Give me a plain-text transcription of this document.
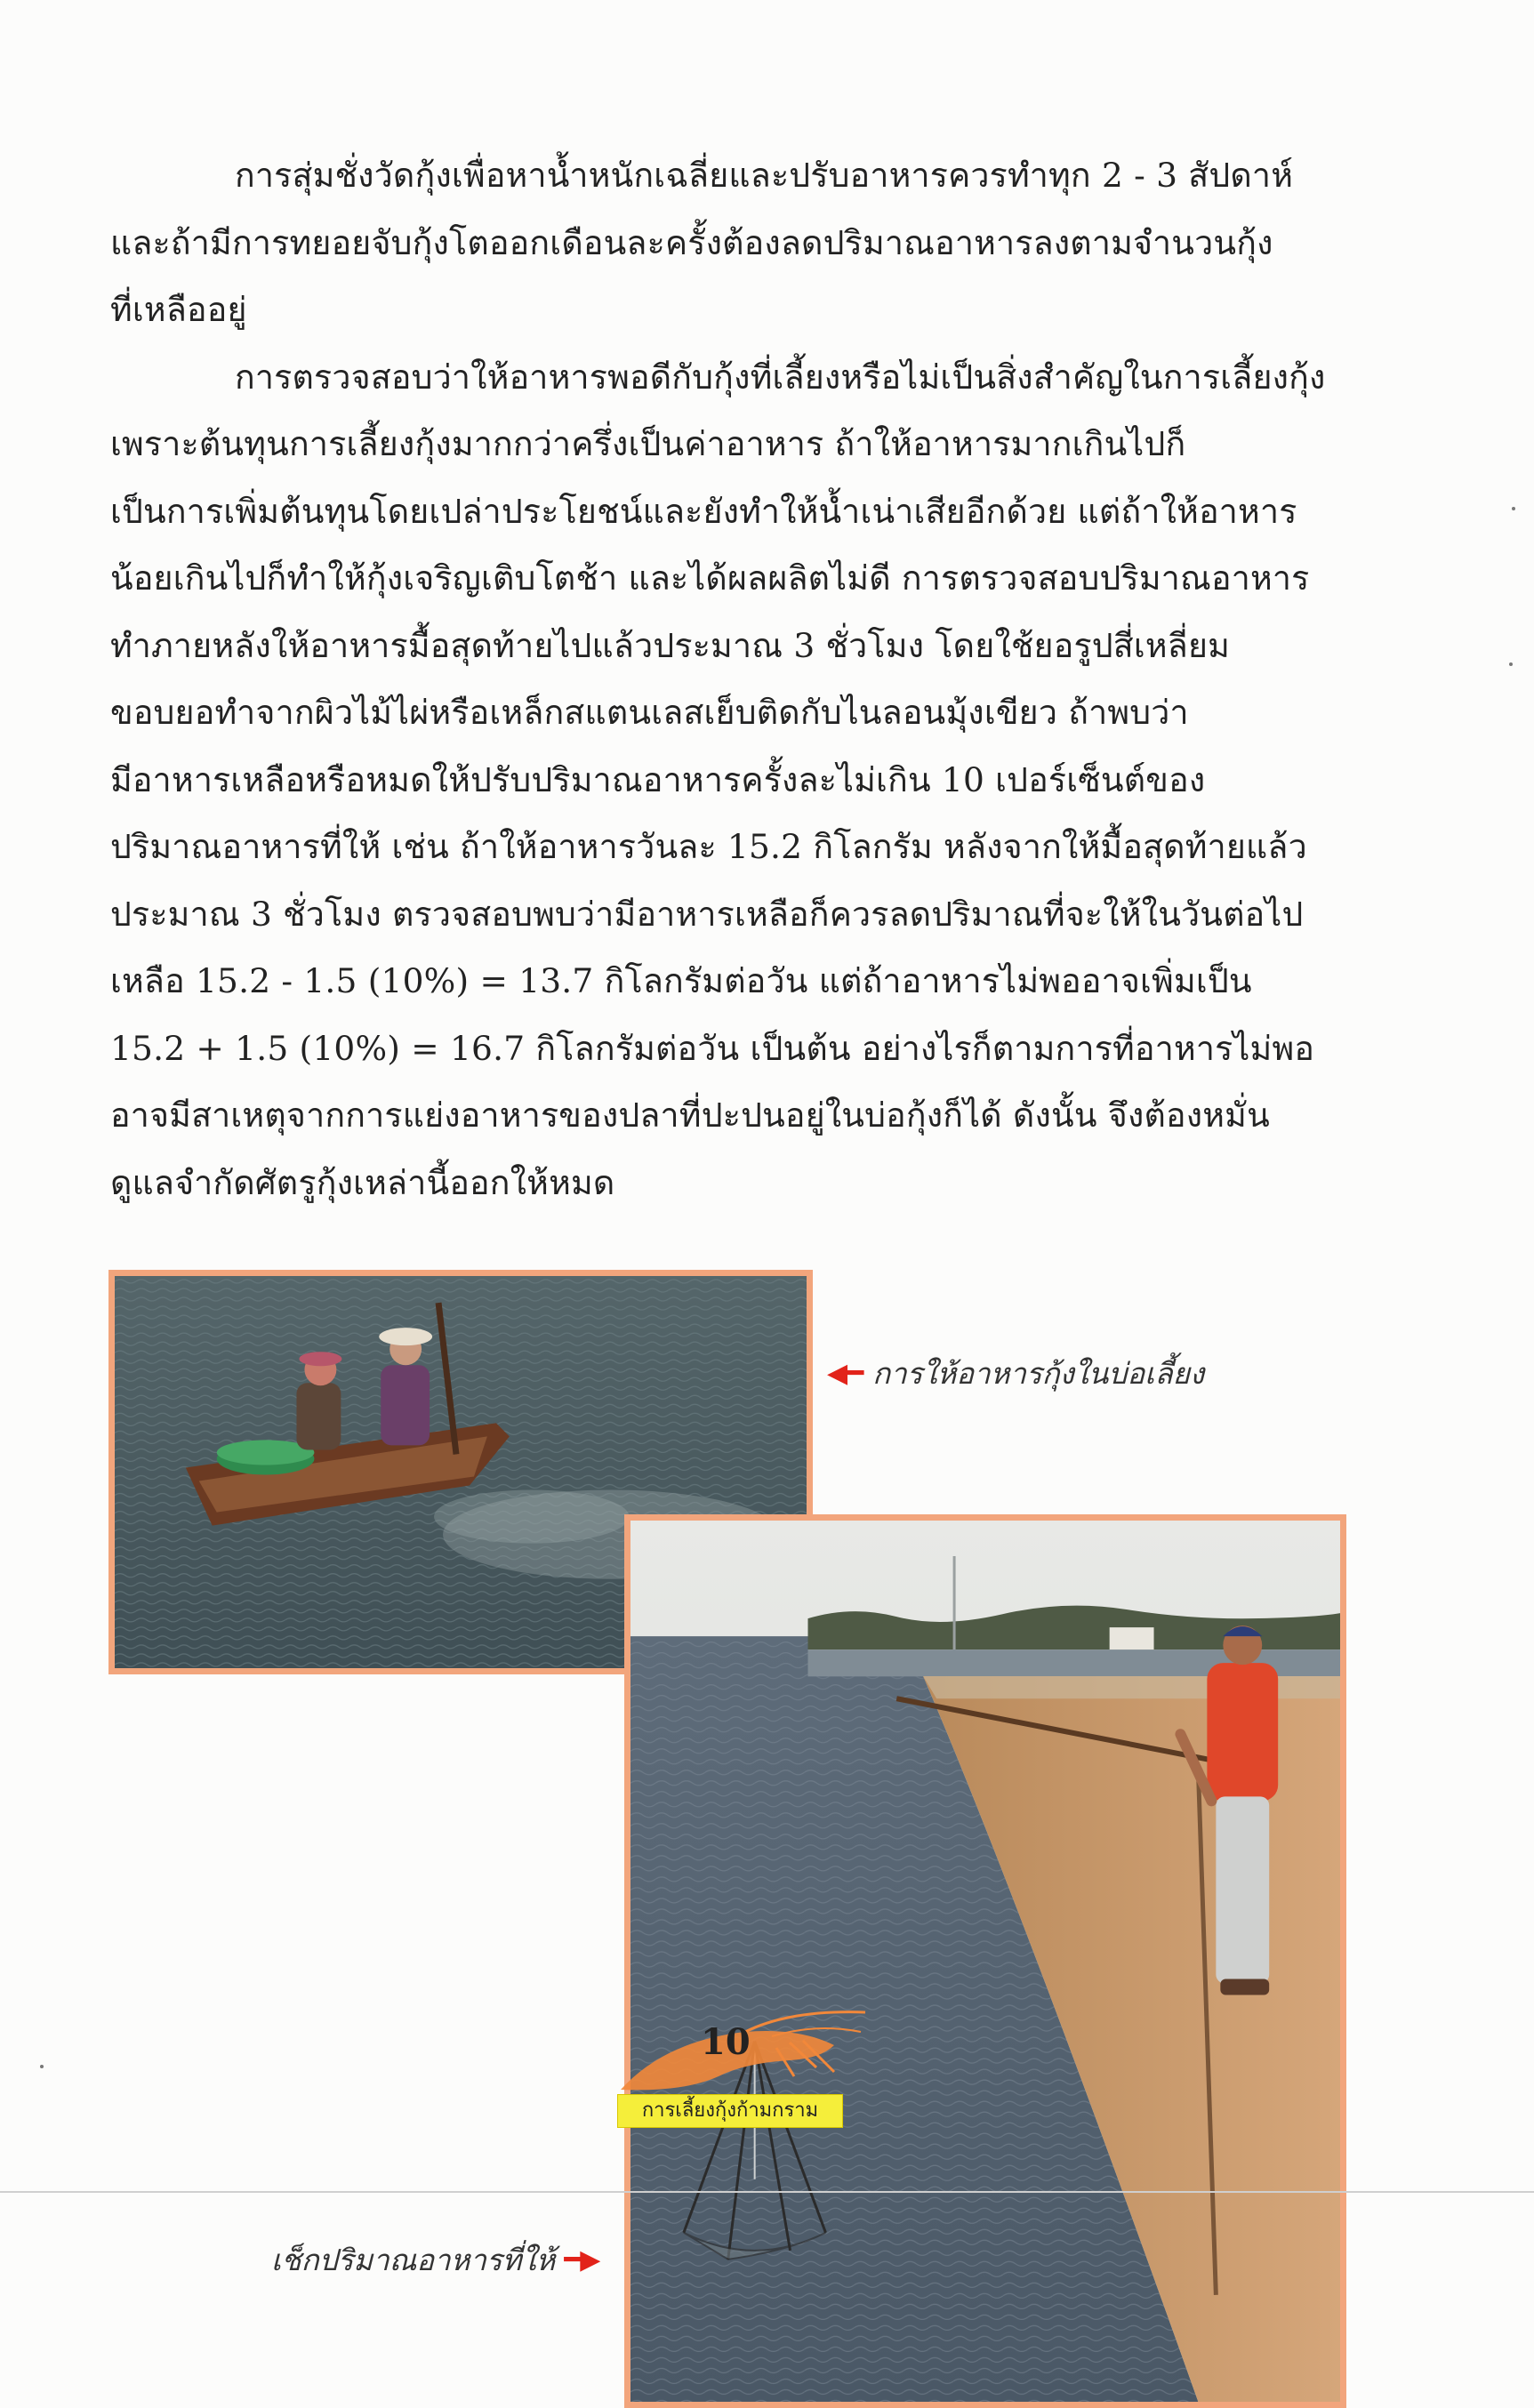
การสุ่มชั่งวัดกุ้งเพื่อหาน้ำหนักเฉลี่ยและปรับอาหารควรทำทุก 2 - 3 สัปดาห์
และถ้ามีการทยอยจับกุ้งโตออกเดือนละครั้งต้องลดปริมาณอาหารลงตามจำนวนกุ้ง
ที่เหลืออยู่

การตรวจสอบว่าให้อาหารพอดีกับกุ้งที่เลี้ยงหรือไม่เป็นสิ่งสำคัญในการเลี้ยงกุ้ง
เพราะต้นทุนการเลี้ยงกุ้งมากกว่าครึ่งเป็นค่าอาหาร ถ้าให้อาหารมากเกินไปก็
เป็นการเพิ่มต้นทุนโดยเปล่าประโยชน์และยังทำให้น้ำเน่าเสียอีกด้วย แต่ถ้าให้อาหาร
น้อยเกินไปก็ทำให้กุ้งเจริญเติบโตช้า และได้ผลผลิตไม่ดี การตรวจสอบปริมาณอาหาร
ทำภายหลังให้อาหารมื้อสุดท้ายไปแล้วประมาณ 3 ชั่วโมง โดยใช้ยอรูปสี่เหลี่ยม
ขอบยอทำจากผิวไม้ไผ่หรือเหล็กสแตนเลสเย็บติดกับไนลอนมุ้งเขียว ถ้าพบว่า
มีอาหารเหลือหรือหมดให้ปรับปริมาณอาหารครั้งละไม่เกิน 10 เปอร์เซ็นต์ของ
ปริมาณอาหารที่ให้ เช่น ถ้าให้อาหารวันละ 15.2 กิโลกรัม หลังจากให้มื้อสุดท้ายแล้ว
ประมาณ 3 ชั่วโมง ตรวจสอบพบว่ามีอาหารเหลือก็ควรลดปริมาณที่จะให้ในวันต่อไป
เหลือ 15.2 - 1.5 (10%) = 13.7 กิโลกรัมต่อวัน แต่ถ้าอาหารไม่พออาจเพิ่มเป็น
15.2 + 1.5 (10%) = 16.7 กิโลกรัมต่อวัน เป็นต้น อย่างไรก็ตามการที่อาหารไม่พอ
อาจมีสาเหตุจากการแย่งอาหารของปลาที่ปะปนอยู่ในบ่อกุ้งก็ได้ ดังนั้น จึงต้องหมั่น
ดูแลจำกัดศัตรูกุ้งเหล่านี้ออกให้หมด

◀━ การให้อาหารกุ้งในบ่อเลี้ยง
เช็กปริมาณอาหารที่ให้ ━▶
10
การเลี้ยงกุ้งก้ามกราม
